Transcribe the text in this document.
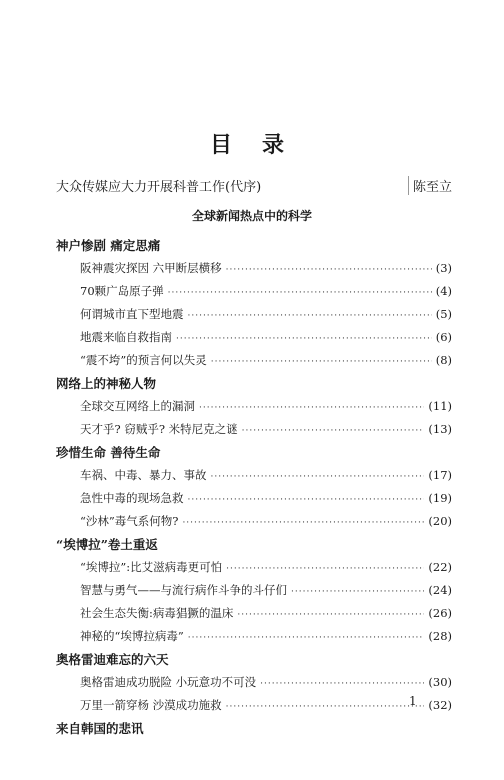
目录
大众传媒应大力开展科普工作(代序)	陈至立
全球新闻热点中的科学
神户惨剧 痛定思痛
阪神震灾探因 六甲断层横移 ·····	(3)
70颗广岛原子弹 ·····	(4)
何谓城市直下型地震 ·····	(5)
地震来临自救指南 ·····	(6)
“震不垮”的预言何以失灵 ·····	(8)
网络上的神秘人物
全球交互网络上的漏洞 ·····	(11)
天才乎? 窃贼乎? 米特尼克之谜 ·····	(13)
珍惜生命 善待生命
车祸、中毒、暴力、事故 ·····	(17)
急性中毒的现场急救 ·····	(19)
“沙林”毒气系何物? ·····	(20)
“埃博拉”卷土重返
“埃博拉”:比艾滋病毒更可怕 ·····	(22)
智慧与勇气——与流行病作斗争的斗仔们 ·····	(24)
社会生态失衡:病毒猖獗的温床 ·····	(26)
神秘的“埃博拉病毒” ·····	(28)
奥格雷迪难忘的六天
奥格雷迪成功脱险 小玩意功不可没 ·····	(30)
万里一箭穿杨 沙漠成功施救 ·····	(32)
来自韩国的悲讯
1
